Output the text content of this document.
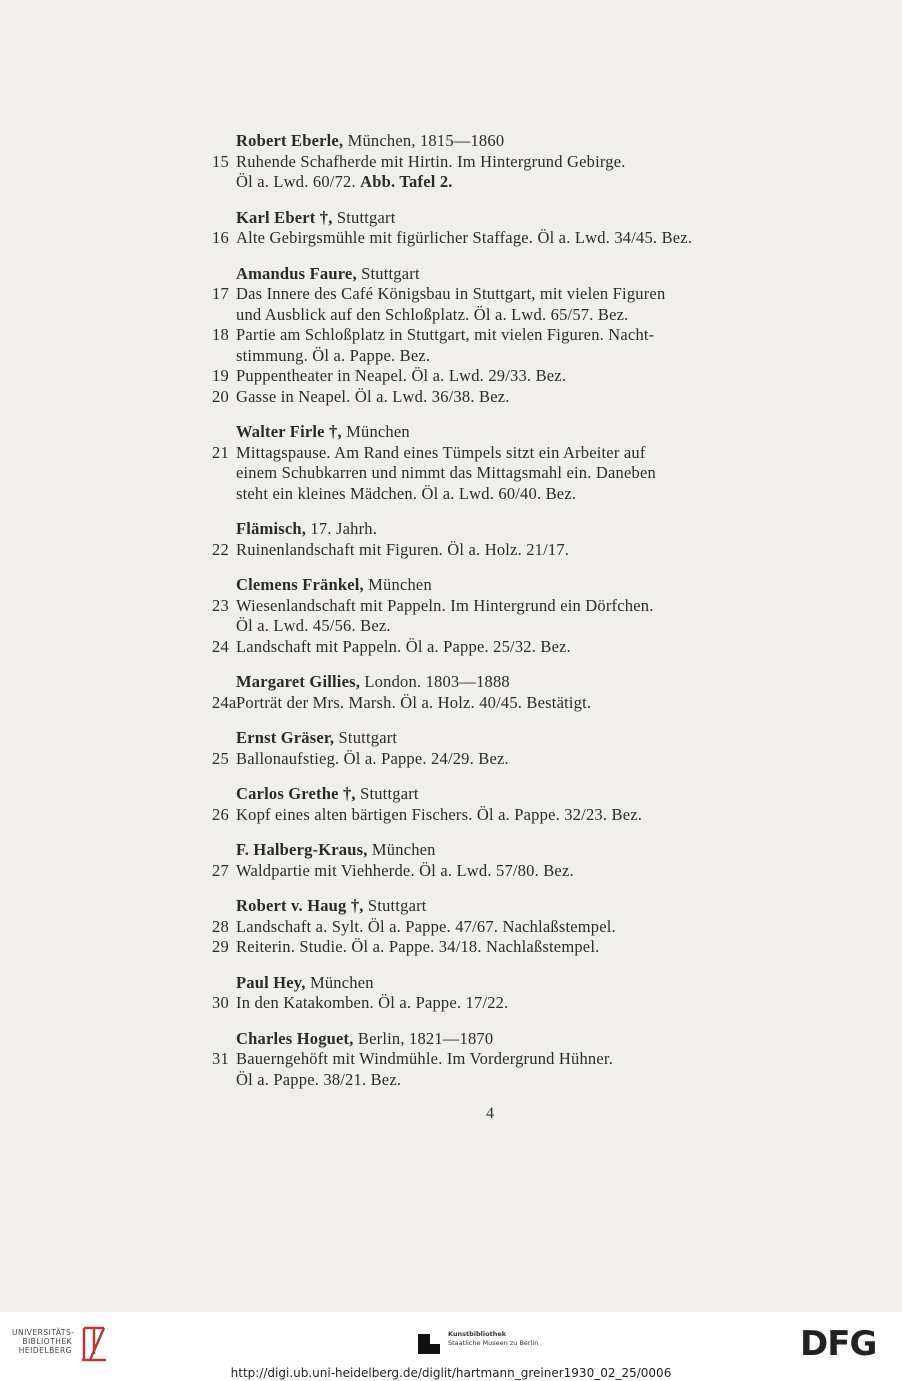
Robert Eberle, München, 1815—1860
15 Ruhende Schafherde mit Hirtin. Im Hintergrund Gebirge.
Öl a. Lwd. 60/72. Abb. Tafel 2.
Karl Ebert †, Stuttgart
16 Alte Gebirgsmühle mit figürlicher Staffage. Öl a. Lwd. 34/45. Bez.
Amandus Faure, Stuttgart
17 Das Innere des Café Königsbau in Stuttgart, mit vielen Figuren
und Ausblick auf den Schloßplatz. Öl a. Lwd. 65/57. Bez.
18 Partie am Schloßplatz in Stuttgart, mit vielen Figuren. Nacht-
stimmung. Öl a. Pappe. Bez.
19 Puppentheater in Neapel. Öl a. Lwd. 29/33. Bez.
20 Gasse in Neapel. Öl a. Lwd. 36/38. Bez.
Walter Firle †, München
21 Mittagspause. Am Rand eines Tümpels sitzt ein Arbeiter auf
einem Schubkarren und nimmt das Mittagsmahl ein. Daneben
steht ein kleines Mädchen. Öl a. Lwd. 60/40. Bez.
Flämisch, 17. Jahrh.
22 Ruinenlandschaft mit Figuren. Öl a. Holz. 21/17.
Clemens Fränkel, München
23 Wiesenlandschaft mit Pappeln. Im Hintergrund ein Dörfchen.
Öl a. Lwd. 45/56. Bez.
24 Landschaft mit Pappeln. Öl a. Pappe. 25/32. Bez.
Margaret Gillies, London. 1803—1888
24a Porträt der Mrs. Marsh. Öl a. Holz. 40/45. Bestätigt.
Ernst Gräser, Stuttgart
25 Ballonaufstieg. Öl a. Pappe. 24/29. Bez.
Carlos Grethe †, Stuttgart
26 Kopf eines alten bärtigen Fischers. Öl a. Pappe. 32/23. Bez.
F. Halberg-Kraus, München
27 Waldpartie mit Viehherde. Öl a. Lwd. 57/80. Bez.
Robert v. Haug †, Stuttgart
28 Landschaft a. Sylt. Öl a. Pappe. 47/67. Nachlaßstempel.
29 Reiterin. Studie. Öl a. Pappe. 34/18. Nachlaßstempel.
Paul Hey, München
30 In den Katakomben. Öl a. Pappe. 17/22.
Charles Hoguet, Berlin, 1821—1870
31 Bauerngehöft mit Windmühle. Im Vordergrund Hühner.
Öl a. Pappe. 38/21. Bez.
4
UNIVERSITÄTS-
BIBLIOTHEK
HEIDELBERG
Kunstbibliothek
Staatliche Museen zu Berlin	DFG
http://digi.ub.uni-heidelberg.de/diglit/hartmann_greiner1930_02_25/0006
